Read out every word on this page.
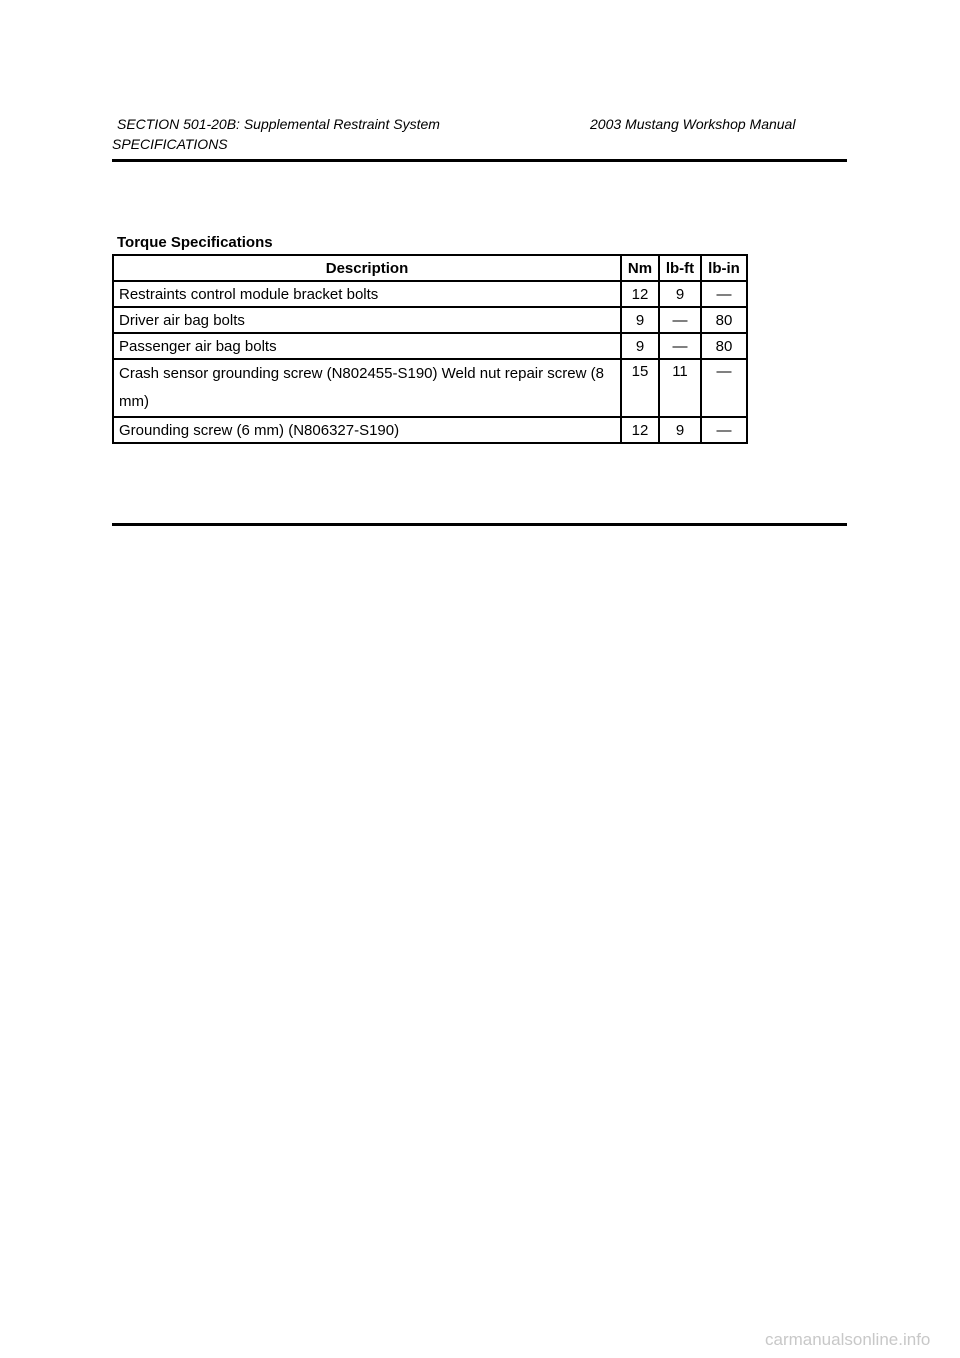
SECTION 501-20B: Supplemental Restraint System	2003 Mustang Workshop Manual
SPECIFICATIONS
Torque Specifications
Description	Nm	lb-ft	lb-in
Restraints control module bracket bolts	12	9	—
Driver air bag bolts	9	—	80
Passenger air bag bolts	9	—	80
Crash sensor grounding screw (N802455-S190) Weld nut repair screw (8 mm)	15	11	—
Grounding screw (6 mm) (N806327-S190)	12	9	—
carmanualsonline.info
